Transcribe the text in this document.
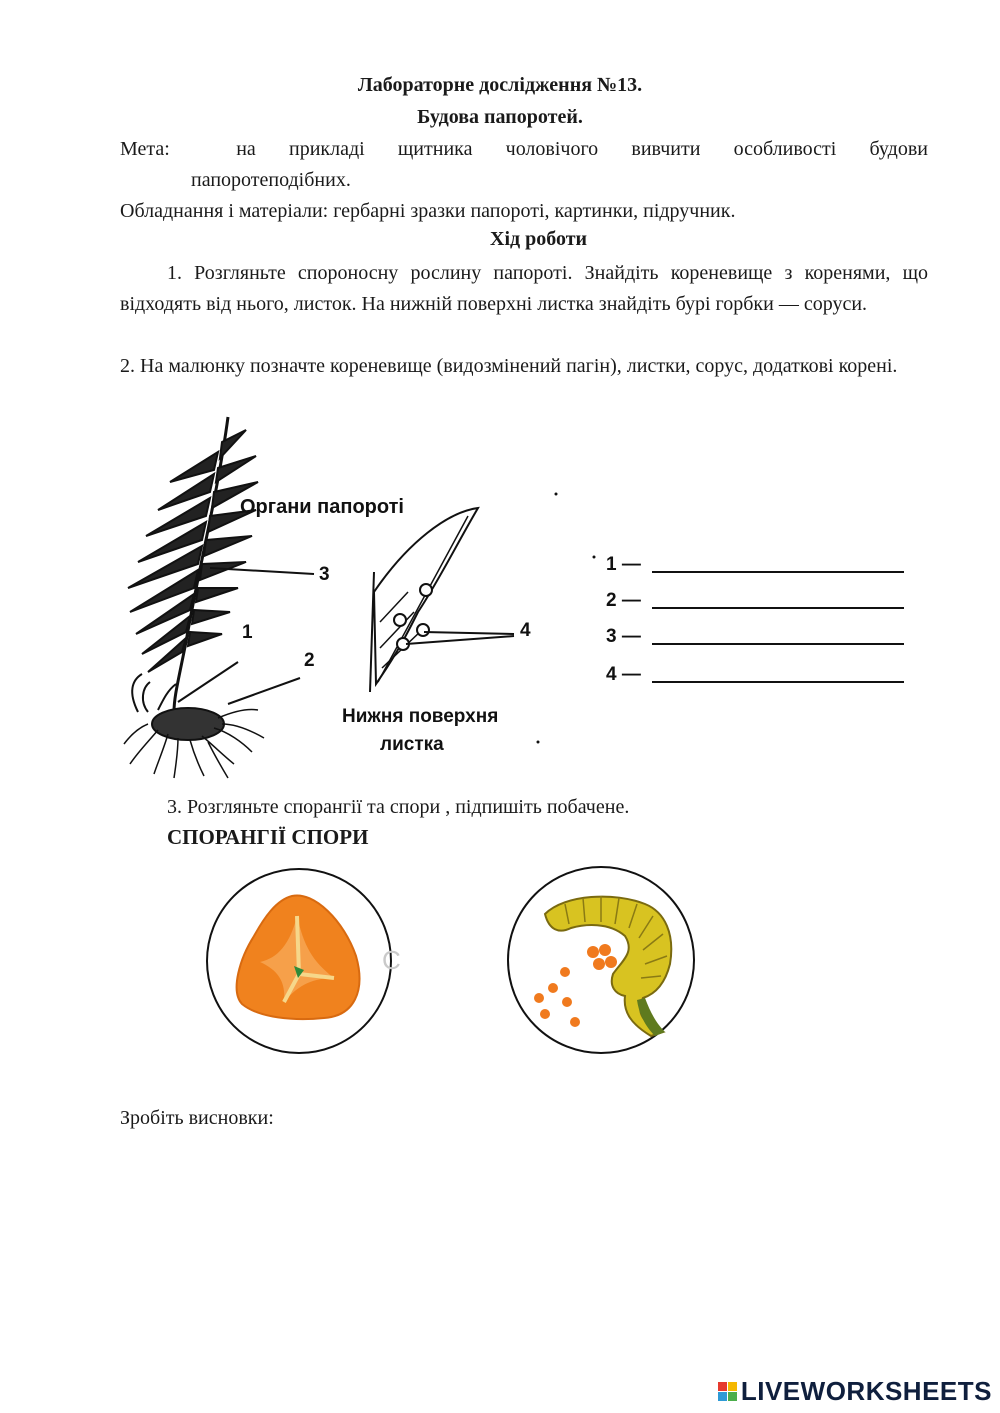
Лабораторне дослідження №13.
Будова папоротей.
Мета:	на прикладі щитника чоловічого вивчити особливості будови
папоротеподібних.
Обладнання і матеріали: гербарні зразки папороті, картинки, підручник.
Хід роботи
1. Розгляньте спороносну рослину папороті. Знайдіть кореневище з коренями, що відходять від нього, листок. На нижній поверхні листка знайдіть бурі горбки — соруси.
2. На малюнку позначте кореневище (видозмінений пагін), листки, сорус, додаткові корені.
Органи папороті
3
1
2
4
Нижня поверхня
листка
1 —
2 —
3 —
4 —
3. Розгляньте спорангії та спори , підпишіть побачене.
СПОРАНГІЇ СПОРИ
С
Зробіть висновки:
LIVEWORKSHEETS
